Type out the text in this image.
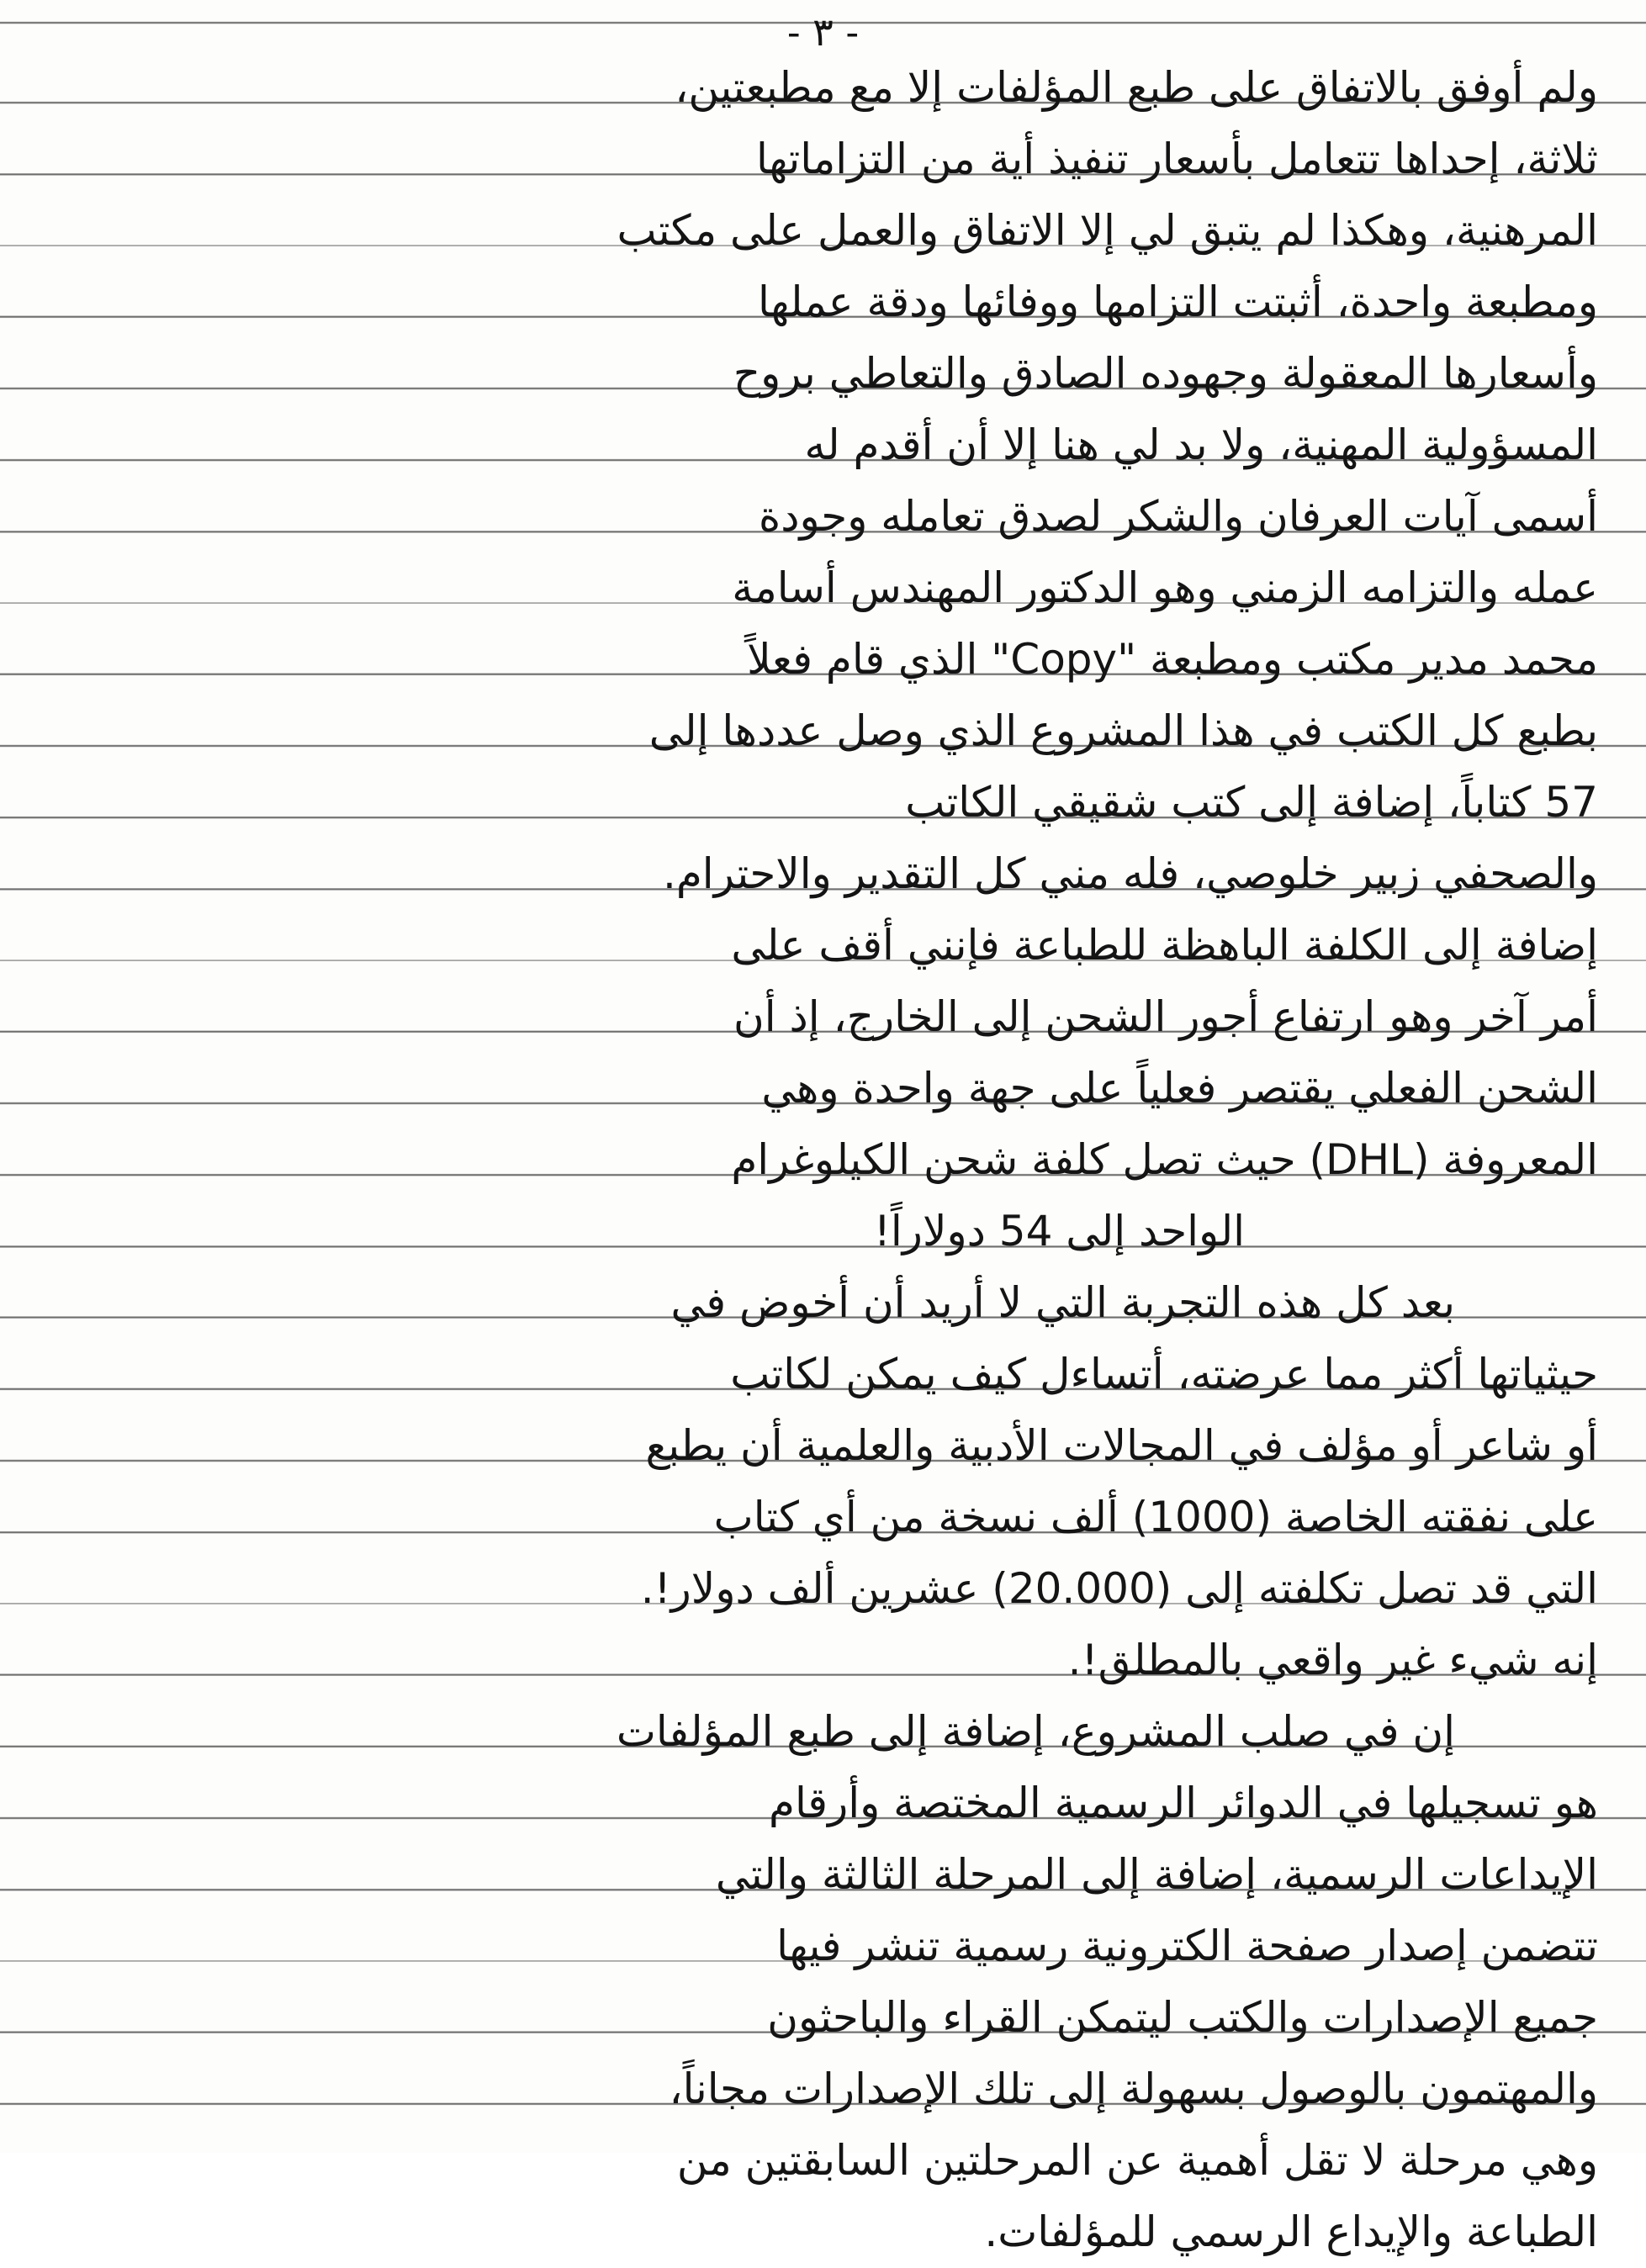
- ٣ -
ولم أوفق بالاتفاق على طبع المؤلفات إلا مع مطبعتين،
ثلاثة، إحداها تتعامل بأسعار تنفيذ أية من التزاماتها
المرهنية، وهكذا لم يتبق لي إلا الاتفاق والعمل على مكتب
ومطبعة واحدة، أثبتت التزامها ووفائها ودقة عملها
وأسعارها المعقولة وجهوده الصادق والتعاطي بروح
المسؤولية المهنية، ولا بد لي هنا إلا أن أقدم له
أسمى آيات العرفان والشكر لصدق تعامله وجودة
عمله والتزامه الزمني وهو الدكتور المهندس أسامة
محمد مدير مكتب ومطبعة "Copy" الذي قام فعلاً
بطبع كل الكتب في هذا المشروع الذي وصل عددها إلى
57 كتاباً، إضافة إلى كتب شقيقي الكاتب
والصحفي زبير خلوصي، فله مني كل التقدير والاحترام.
إضافة إلى الكلفة الباهظة للطباعة فإنني أقف على
أمر آخر وهو ارتفاع أجور الشحن إلى الخارج، إذ أن
الشحن الفعلي يقتصر فعلياً على جهة واحدة وهي
المعروفة (DHL) حيث تصل كلفة شحن الكيلوغرام
الواحد إلى 54 دولاراً!
بعد كل هذه التجربة التي لا أريد أن أخوض في
حيثياتها أكثر مما عرضته، أتساءل كيف يمكن لكاتب
أو شاعر أو مؤلف في المجالات الأدبية والعلمية أن يطبع
على نفقته الخاصة (1000) ألف نسخة من أي كتاب
التي قد تصل تكلفته إلى (20.000) عشرين ألف دولار!.
إنه شيء غير واقعي بالمطلق!.
إن في صلب المشروع، إضافة إلى طبع المؤلفات
هو تسجيلها في الدوائر الرسمية المختصة وأرقام
الإيداعات الرسمية، إضافة إلى المرحلة الثالثة والتي
تتضمن إصدار صفحة الكترونية رسمية تنشر فيها
جميع الإصدارات والكتب ليتمكن القراء والباحثون
والمهتمون بالوصول بسهولة إلى تلك الإصدارات مجاناً،
وهي مرحلة لا تقل أهمية عن المرحلتين السابقتين من
الطباعة والإيداع الرسمي للمؤلفات.
